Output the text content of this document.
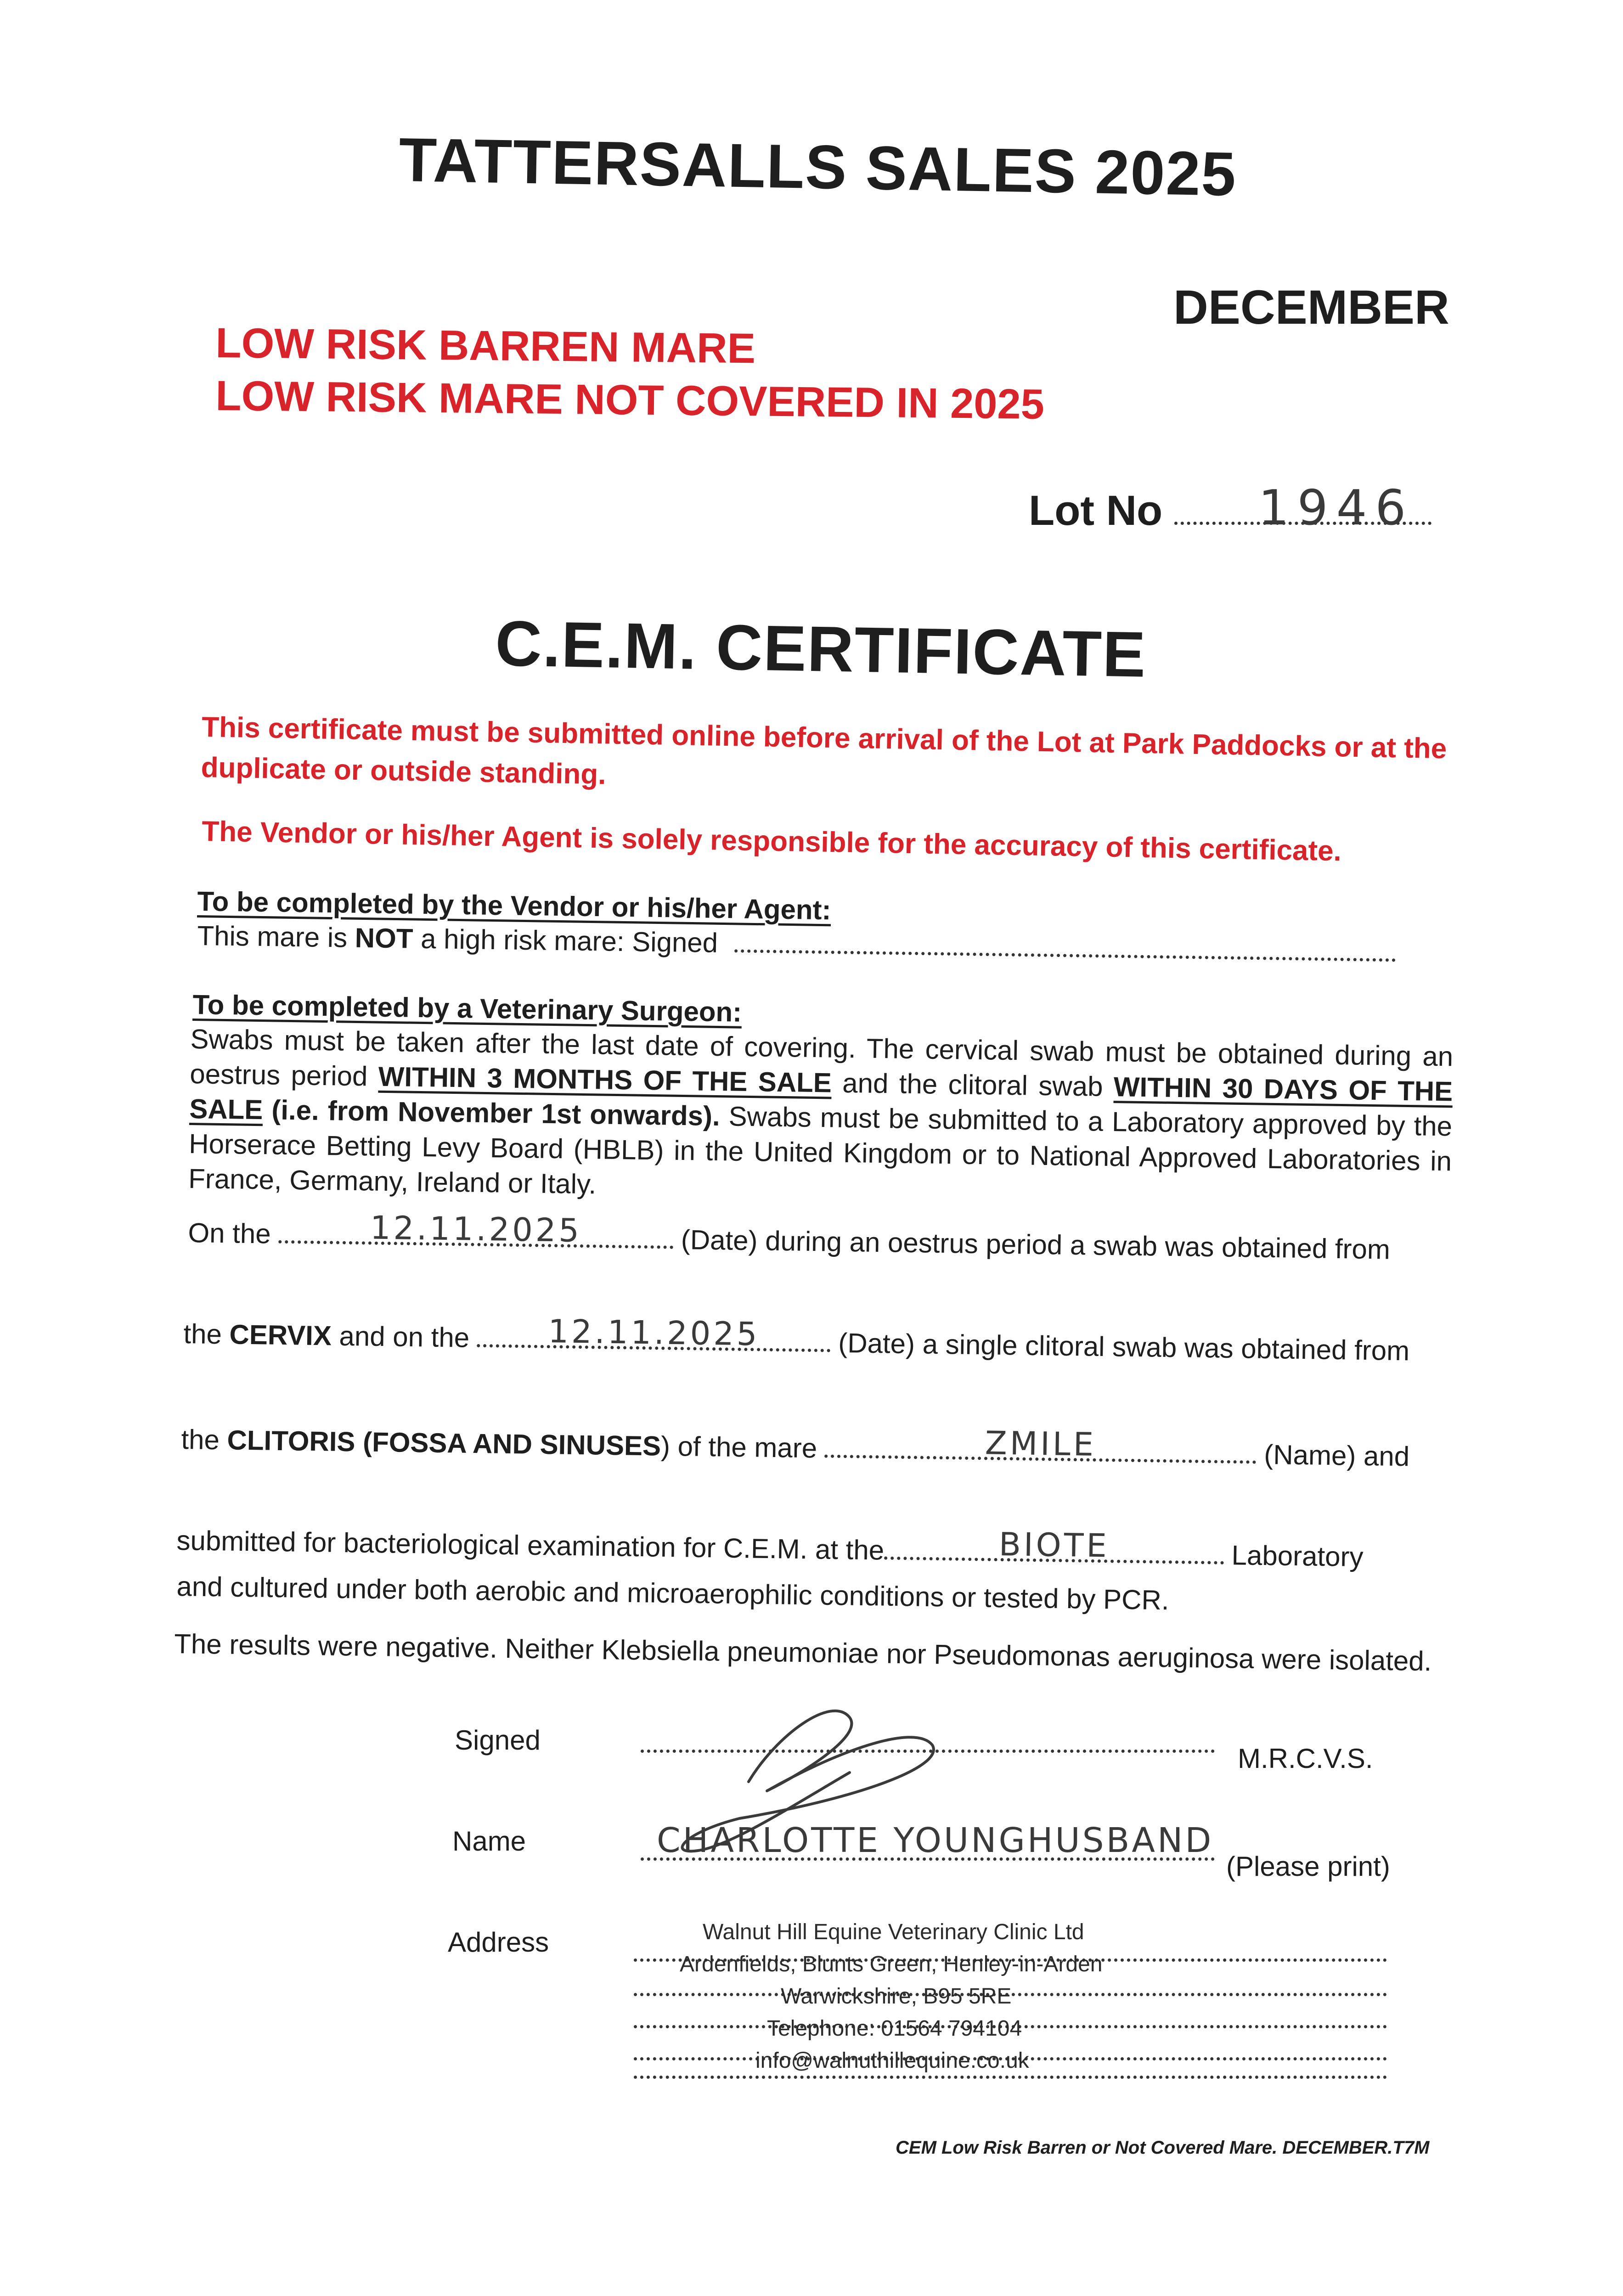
TATTERSALLS SALES 2025
DECEMBER
LOW RISK BARREN MARE
LOW RISK MARE NOT COVERED IN 2025
Lot No 1946
C.E.M. CERTIFICATE
This certificate must be submitted online before arrival of the Lot at Park Paddocks or at the duplicate or outside standing.
The Vendor or his/her Agent is solely responsible for the accuracy of this certificate.
To be completed by the Vendor or his/her Agent:
This mare is NOT a high risk mare: Signed
To be completed by a Veterinary Surgeon:
Swabs must be taken after the last date of covering. The cervical swab must be obtained during an oestrus period WITHIN 3 MONTHS OF THE SALE and the clitoral swab WITHIN 30 DAYS OF THE SALE (i.e. from November 1st onwards). Swabs must be submitted to a Laboratory approved by the Horserace Betting Levy Board (HBLB) in the United Kingdom or to National Approved Laboratories in France, Germany, Ireland or Italy.
On the	12.11.2025	(Date) during an oestrus period a swab was obtained from
the CERVIX and on the 12.11.2025	(Date) a single clitoral swab was obtained from
the CLITORIS (FOSSA AND SINUSES) of the mare	ZMILE	(Name) and
submitted for bacteriological examination for C.E.M. at the	BIOTE	Laboratory
and cultured under both aerobic and microaerophilic conditions or tested by PCR.
The results were negative. Neither Klebsiella pneumoniae nor Pseudomonas aeruginosa were isolated.
Signed
M.R.C.V.S.
Name	CHARLOTTE YOUNGHUSBAND
(Please print)
Address	Walnut Hill Equine Veterinary Clinic Ltd
Ardenfields, Blunts Green, Henley-in-Arden
Warwickshire, B95 5RE
Telephone: 01564 794104
info@walnuthillequine.co.uk
CEM Low Risk Barren or Not Covered Mare. DECEMBER.T7M
